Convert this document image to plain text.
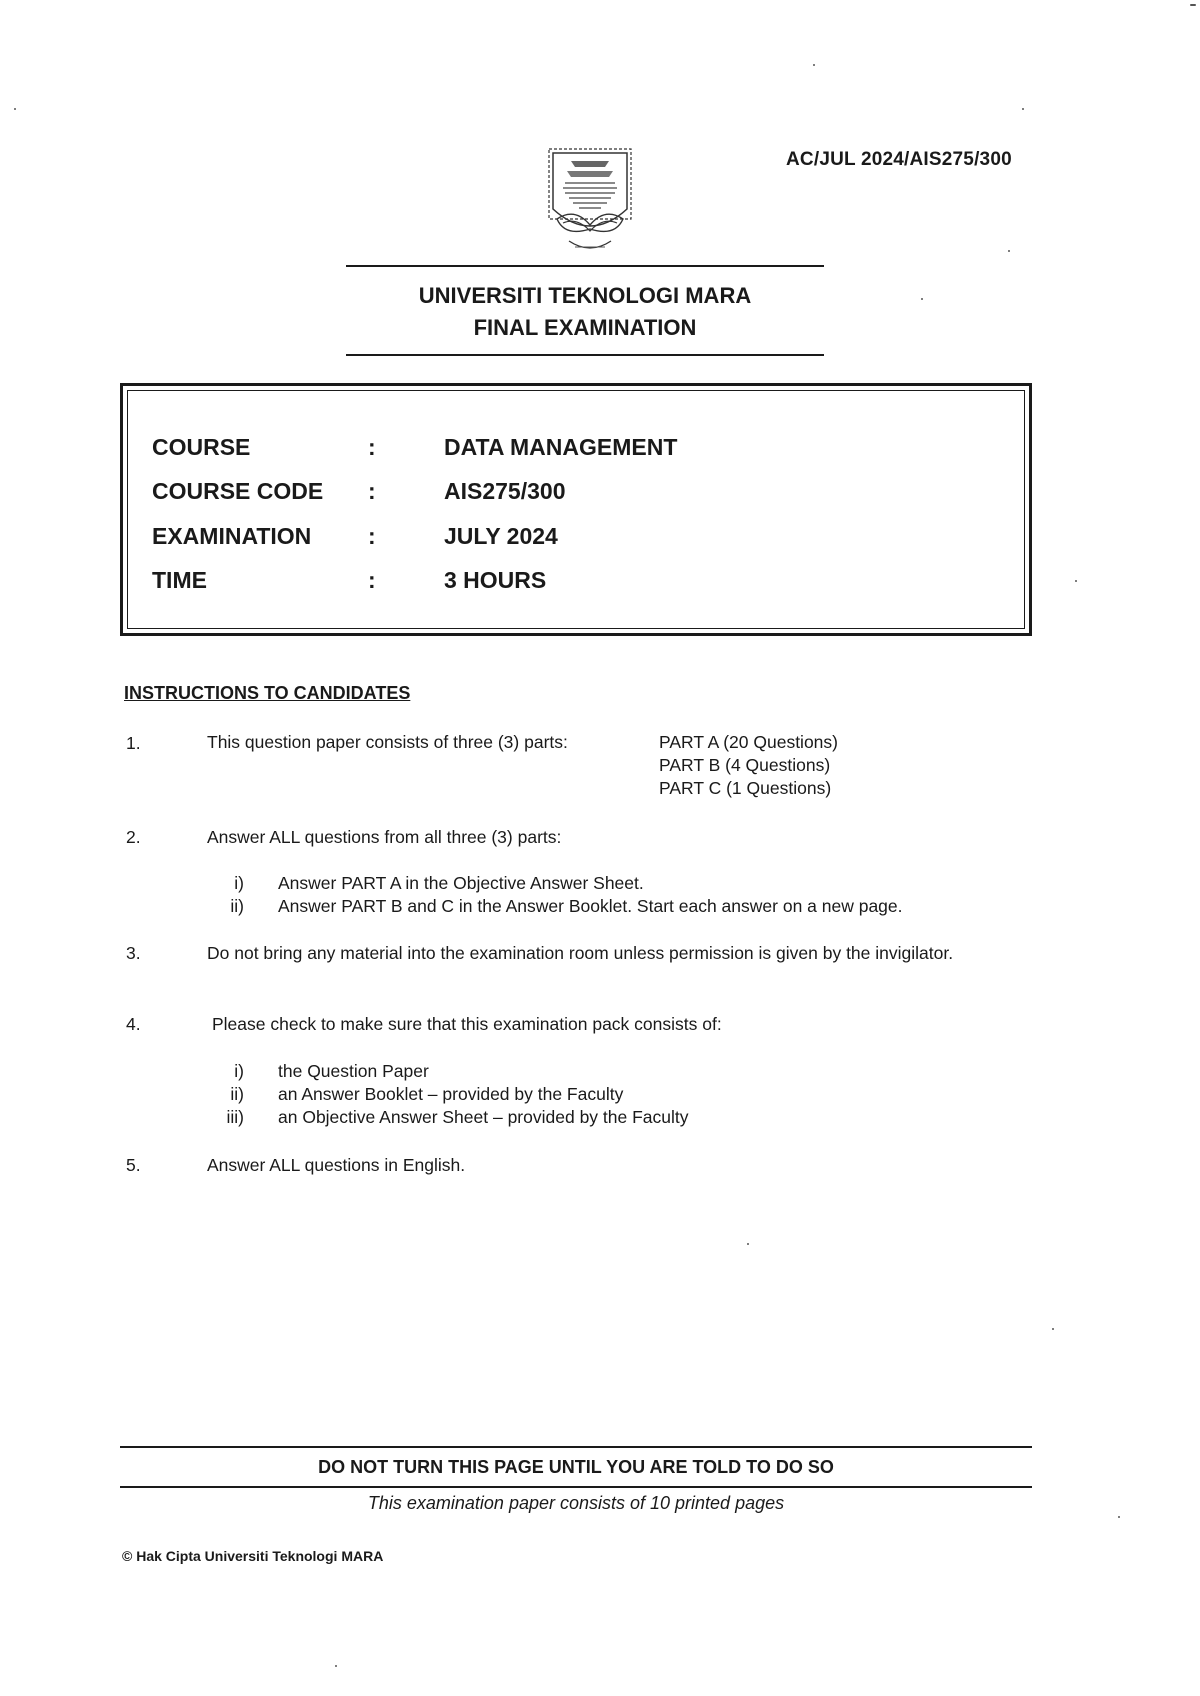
AC/JUL 2024/AIS275/300
UNIVERSITI TEKNOLOGI MARA
FINAL EXAMINATION
COURSE	:	DATA MANAGEMENT
COURSE CODE :	AIS275/300
EXAMINATION :	JULY 2024
TIME	:	3 HOURS
INSTRUCTIONS TO CANDIDATES
1.	This question paper consists of three (3) parts:	PART A (20 Questions)
PART B (4 Questions)
PART C (1 Questions)
2.	Answer ALL questions from all three (3) parts:
i) Answer PART A in the Objective Answer Sheet.
ii) Answer PART B and C in the Answer Booklet. Start each answer on a new page.
3.	Do not bring any material into the examination room unless permission is given by the invigilator.
4.	Please check to make sure that this examination pack consists of:
i) the Question Paper
ii) an Answer Booklet – provided by the Faculty
iii) an Objective Answer Sheet – provided by the Faculty
5.	Answer ALL questions in English.
DO NOT TURN THIS PAGE UNTIL YOU ARE TOLD TO DO SO
This examination paper consists of 10 printed pages
© Hak Cipta Universiti Teknologi MARA
